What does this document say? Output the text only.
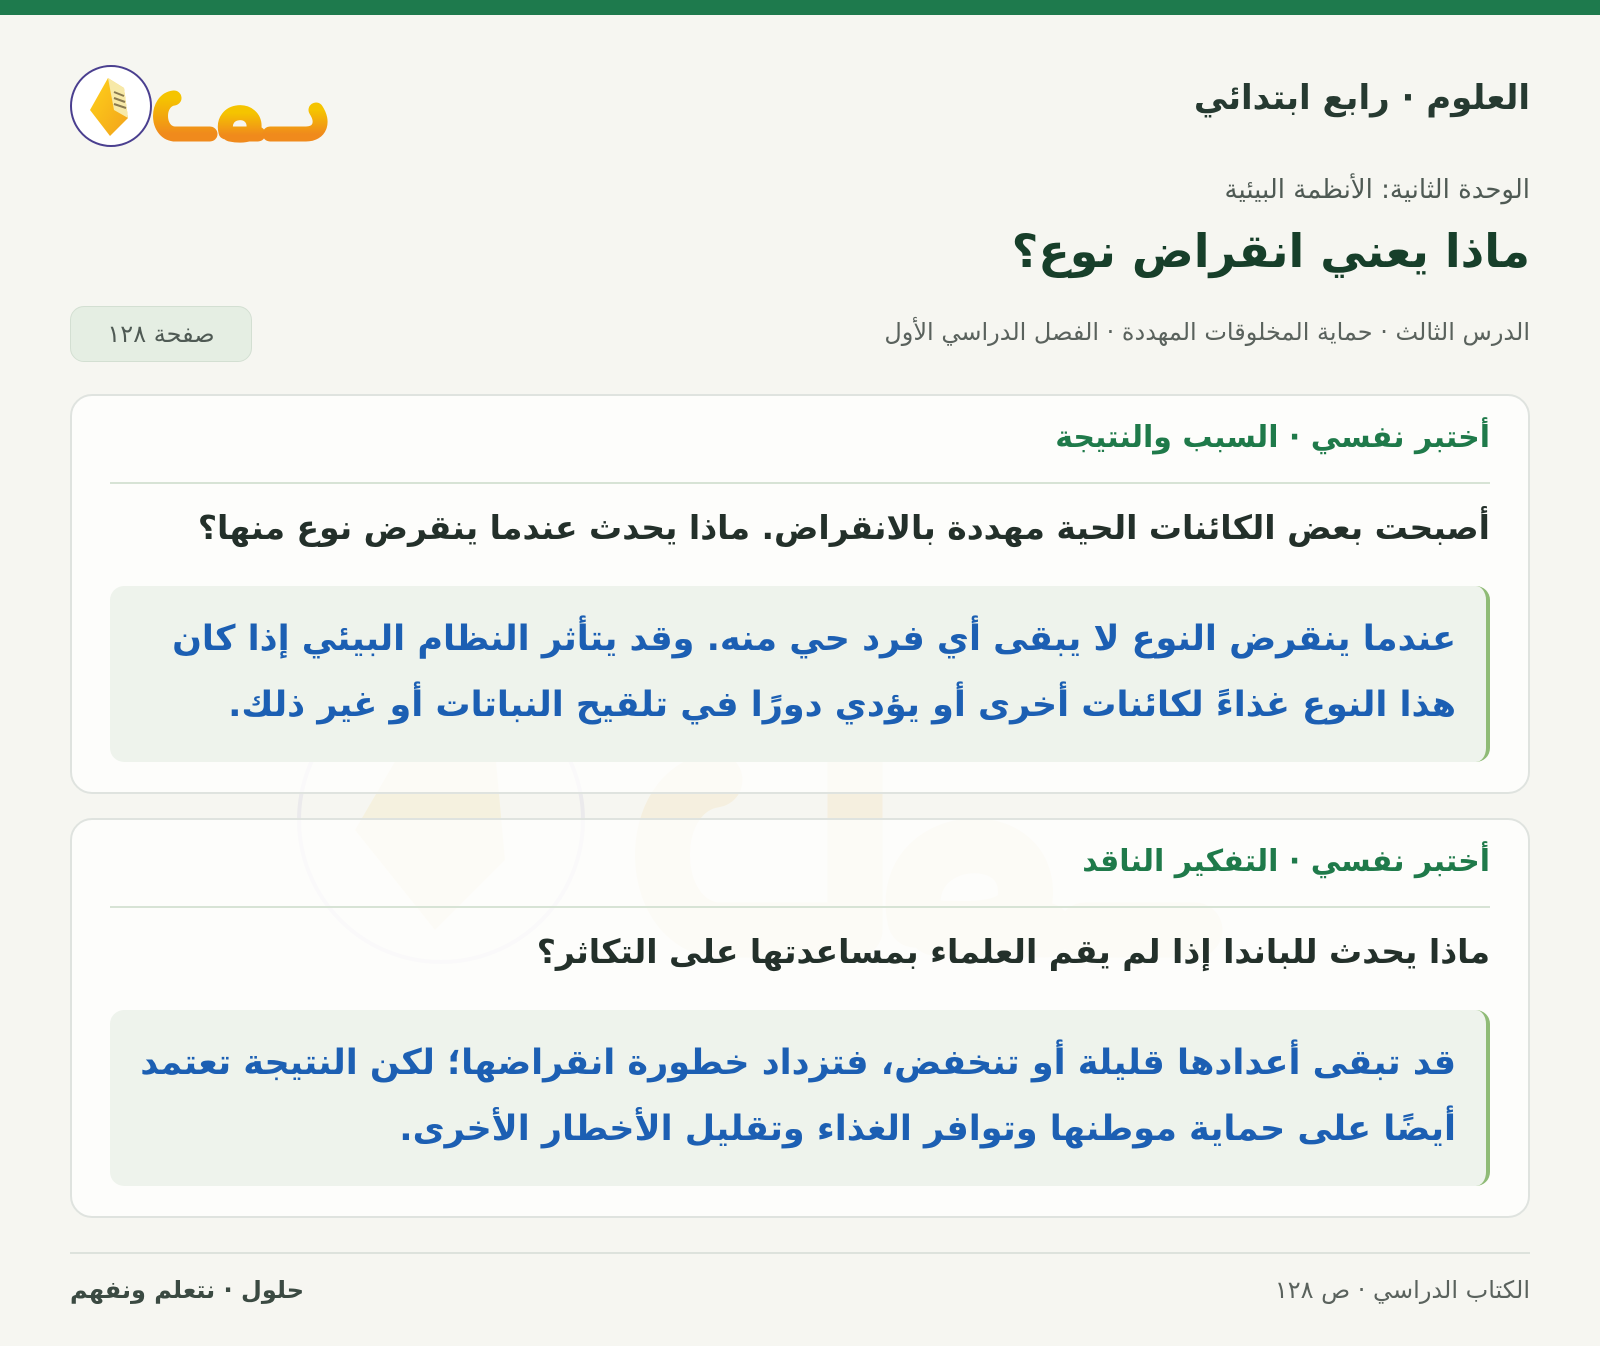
العلوم · رابع ابتدائي
الوحدة الثانية: الأنظمة البيئية
ماذا يعني انقراض نوع؟
الدرس الثالث · حماية المخلوقات المهددة · الفصل الدراسي الأول
صفحة ١٢٨
أختبر نفسي · السبب والنتيجة
أصبحت بعض الكائنات الحية مهددة بالانقراض. ماذا يحدث عندما ينقرض نوع منها؟
عندما ينقرض النوع لا يبقى أي فرد حي منه. وقد يتأثر النظام البيئي إذا كان هذا النوع غذاءً لكائنات أخرى أو يؤدي دورًا في تلقيح النباتات أو غير ذلك.
أختبر نفسي · التفكير الناقد
ماذا يحدث للباندا إذا لم يقم العلماء بمساعدتها على التكاثر؟
قد تبقى أعدادها قليلة أو تنخفض، فتزداد خطورة انقراضها؛ لكن النتيجة تعتمد أيضًا على حماية موطنها وتوافر الغذاء وتقليل الأخطار الأخرى.
الكتاب الدراسي · ص ١٢٨
حلول · نتعلم ونفهم
